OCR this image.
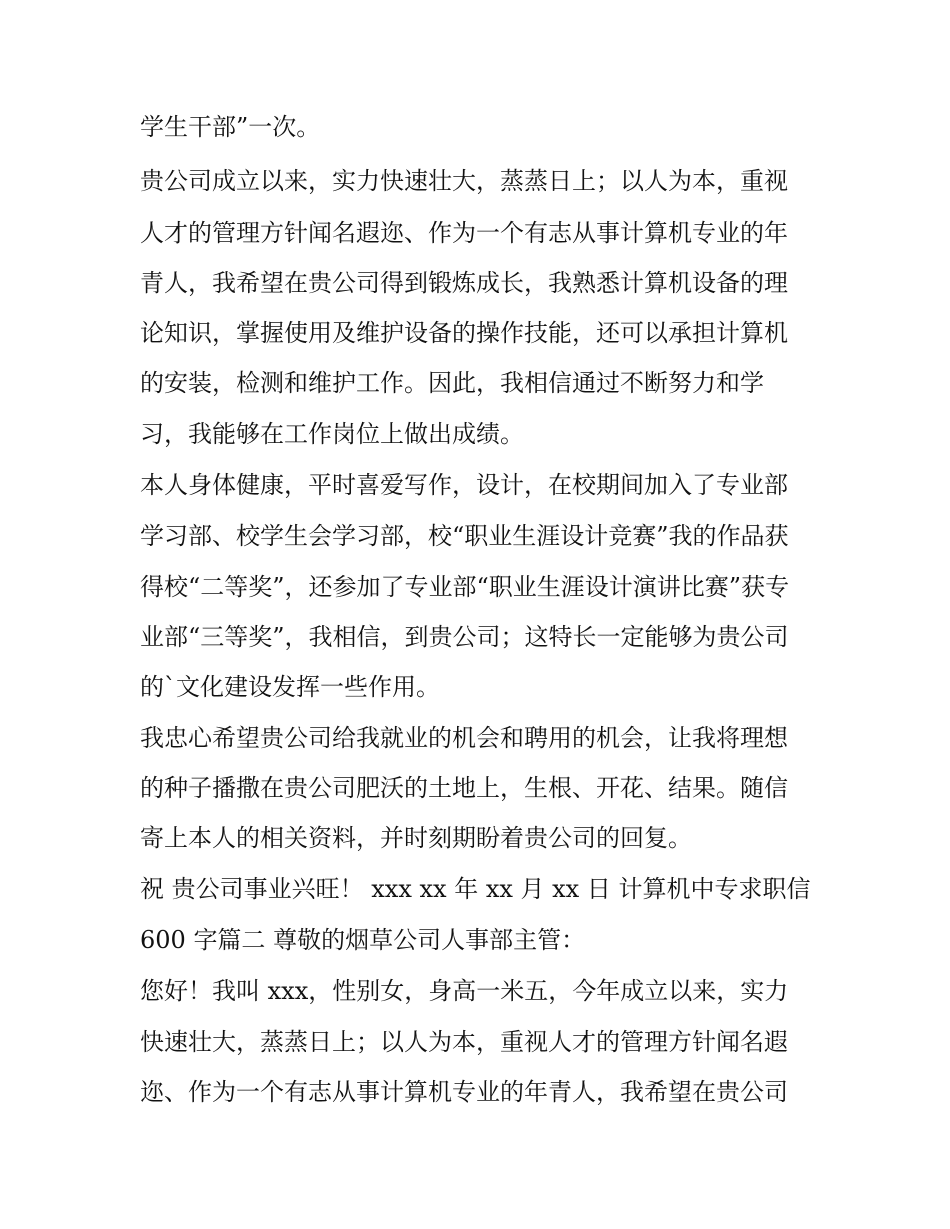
学生干部”一次。
贵公司成立以来，实力快速壮大，蒸蒸日上；以人为本，重视
人才的管理方针闻名遐迩、作为一个有志从事计算机专业的年
青人，我希望在贵公司得到锻炼成长，我熟悉计算机设备的理
论知识，掌握使用及维护设备的操作技能，还可以承担计算机
的安装，检测和维护工作。因此，我相信通过不断努力和学
习，我能够在工作岗位上做出成绩。
本人身体健康，平时喜爱写作，设计，在校期间加入了专业部
学习部、校学生会学习部，校“职业生涯设计竞赛”我的作品获
得校“二等奖”，还参加了专业部“职业生涯设计演讲比赛”获专
业部“三等奖”，我相信，到贵公司；这特长一定能够为贵公司
的`文化建设发挥一些作用。
我忠心希望贵公司给我就业的机会和聘用的机会，让我将理想
的种子播撒在贵公司肥沃的土地上，生根、开花、结果。随信
寄上本人的相关资料，并时刻期盼着贵公司的回复。
祝 贵公司事业兴旺！ xxx xx 年 xx 月 xx 日 计算机中专求职信
600 字篇二 尊敬的烟草公司人事部主管：
您好！我叫 xxx，性别女，身高一米五，今年成立以来，实力
快速壮大，蒸蒸日上；以人为本，重视人才的管理方针闻名遐
迩、作为一个有志从事计算机专业的年青人，我希望在贵公司
